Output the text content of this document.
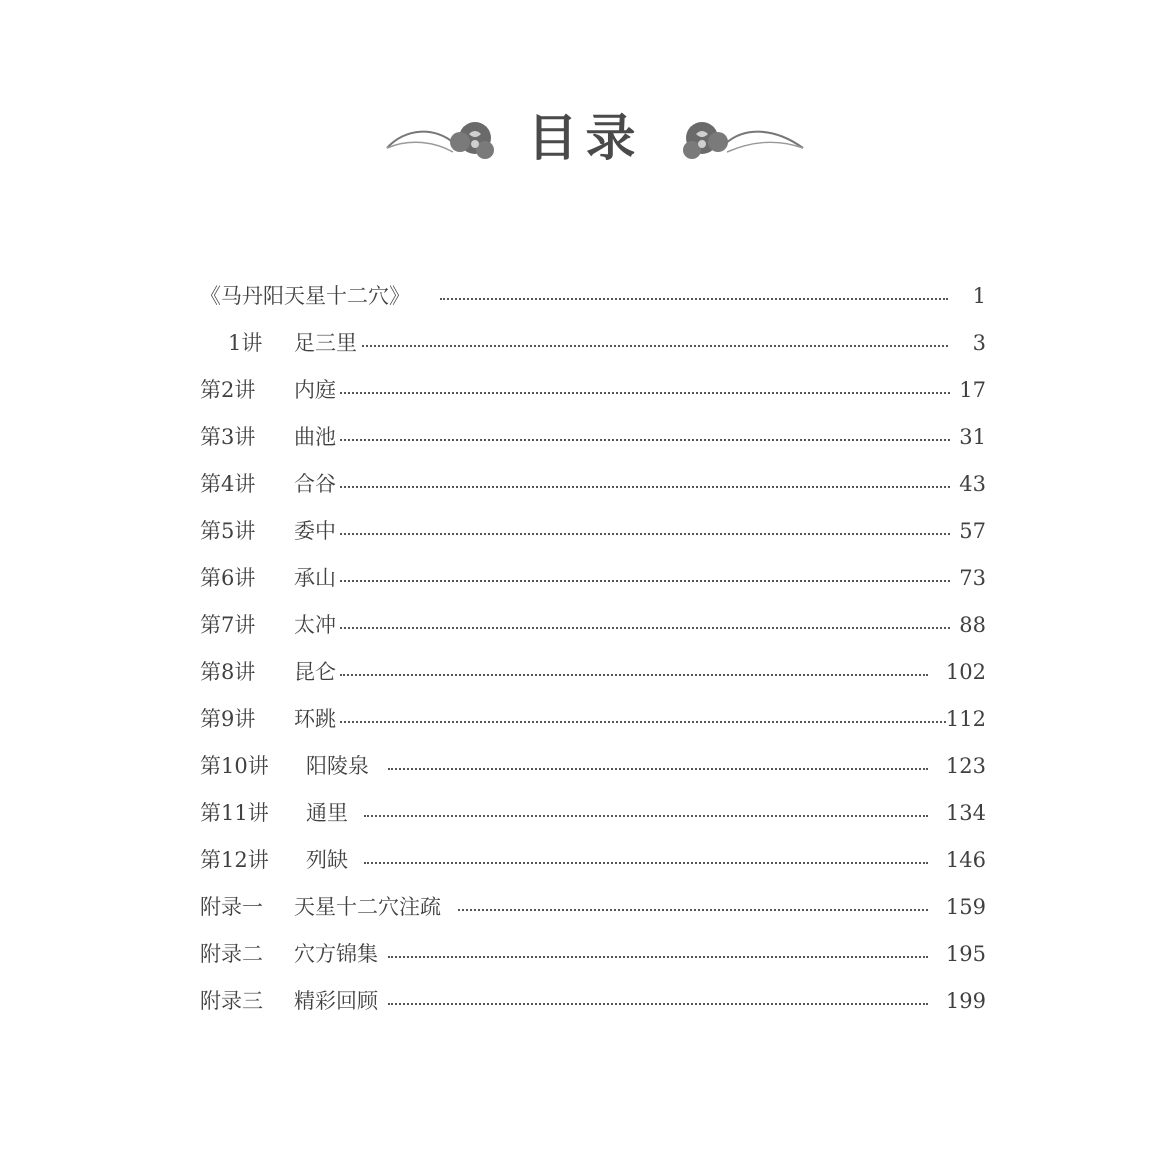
目录
《马丹阳天星十二穴》	1
1讲 足三里	3
第2讲 内庭	17
第3讲 曲池	31
第4讲 合谷	43
第5讲 委中	57
第6讲 承山	73
第7讲 太冲	88
第8讲 昆仑	102
第9讲 环跳	112
第10讲 阳陵泉	123
第11讲 通里	134
第12讲 列缺	146
附录一 天星十二穴注疏	159
附录二 穴方锦集	195
附录三 精彩回顾	199
